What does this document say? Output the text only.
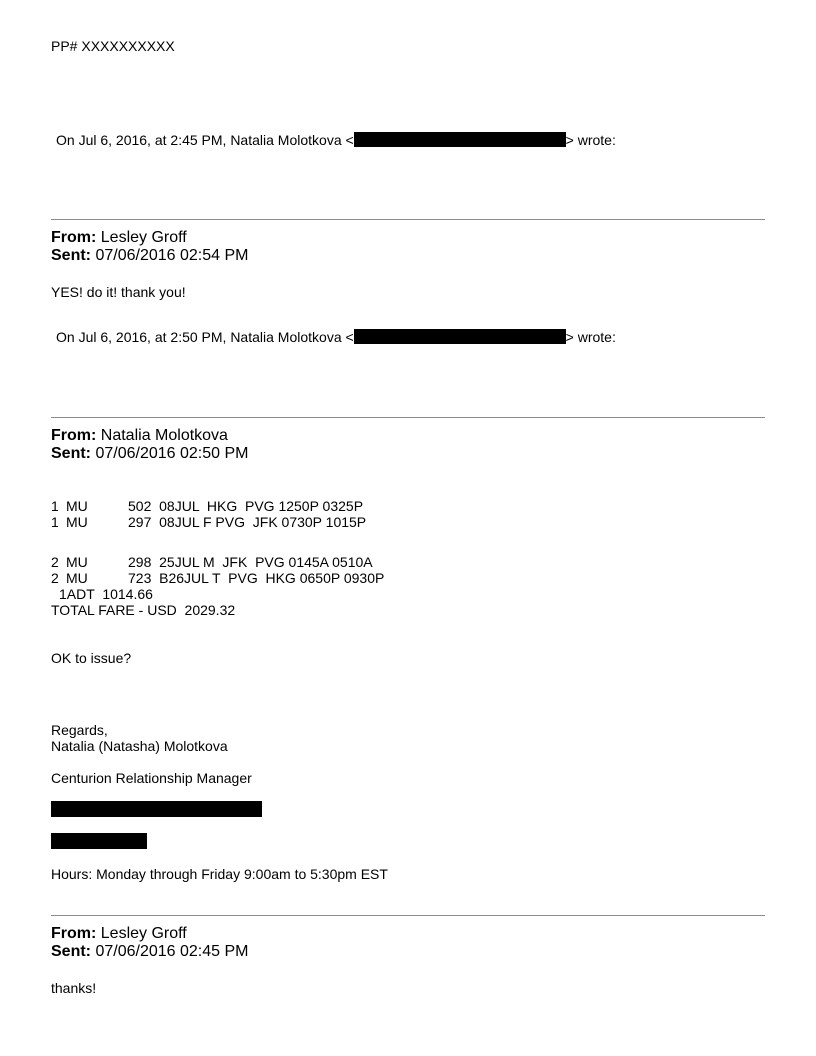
PP# XXXXXXXXXX
On Jul 6, 2016, at 2:45 PM, Natalia Molotkova <	> wrote:
From: Lesley Groff
Sent: 07/06/2016 02:54 PM
YES! do it! thank you!
On Jul 6, 2016, at 2:50 PM, Natalia Molotkova <	> wrote:
From: Natalia Molotkova
Sent: 07/06/2016 02:50 PM
1 MU	502  08JUL  HKG  PVG 1250P 0325P
1 MU	297  08JUL F PVG  JFK 0730P 1015P
2 MU	298  25JUL M  JFK  PVG 0145A 0510A
2 MU	723  B26JUL T  PVG  HKG 0650P 0930P
1ADT  1014.66
TOTAL FARE - USD  2029.32
OK to issue?
Regards,
Natalia (Natasha) Molotkova
Centurion Relationship Manager
Hours: Monday through Friday 9:00am to 5:30pm EST
From: Lesley Groff
Sent: 07/06/2016 02:45 PM
thanks!
